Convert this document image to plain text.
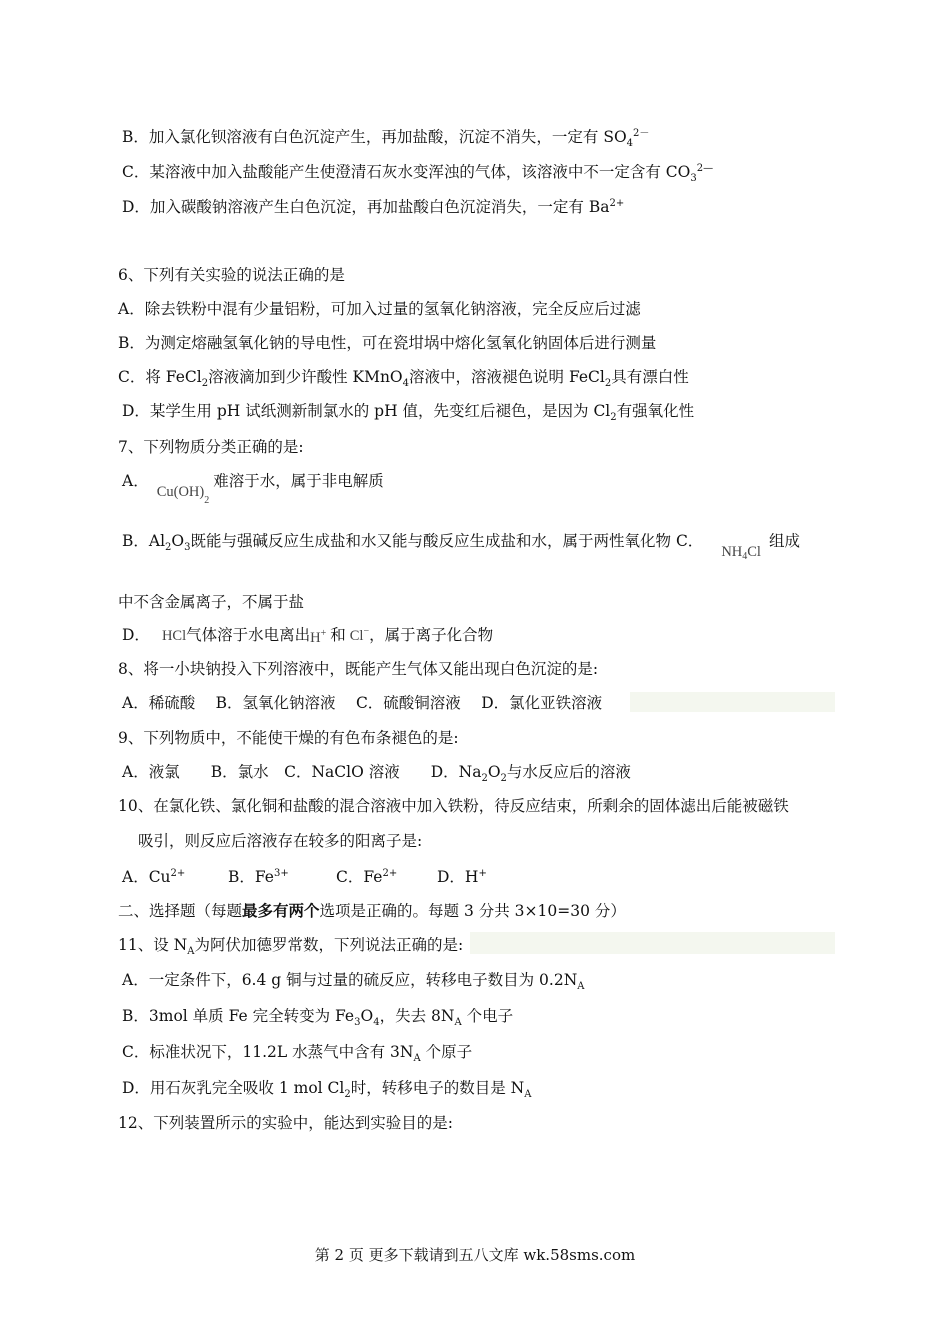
B．加入氯化钡溶液有白色沉淀产生，再加盐酸，沉淀不消失，一定有 $SO_4^{2-}$
C．某溶液中加入盐酸能产生使澄清石灰水变浑浊的气体，该溶液中不一定含有 $CO_3^{2—}$
D．加入碳酸钠溶液产生白色沉淀，再加盐酸白色沉淀消失，一定有 $Ba^{2+}$
6、下列有关实验的说法正确的是
A．除去铁粉中混有少量铝粉，可加入过量的氢氧化钠溶液，完全反应后过滤
B．为测定熔融氢氧化钠的导电性，可在瓷坩埚中熔化氢氧化钠固体后进行测量
C．将 FeCl$_2$溶液滴加到少许酸性 KMnO$_4$溶液中，溶液褪色说明 FeCl$_2$具有漂白性
D．某学生用 pH 试纸测新制氯水的 pH 值，先变红后褪色，是因为 $Cl_2$有强氧化性
7、下列物质分类正确的是:
A．$Cu(OH)_2$难溶于水，属于非电解质
B．$Al_2O_3$既能与强碱反应生成盐和水又能与酸反应生成盐和水，属于两性氧化物 C．$NH_4Cl$组成
中不含金属离子，不属于盐
D． HCl气体溶于水电离出H+ 和 Cl−，属于离子化合物
8、将一小块钠投入下列溶液中，既能产生气体又能出现白色沉淀的是:
A．稀硫酸　 B．氢氧化钠溶液　 C．硫酸铜溶液　 D．氯化亚铁溶液
9、下列物质中，不能使干燥的有色布条褪色的是:
A．液氯　　B．氯水　C．NaClO 溶液　　D．$Na_2O_2$与水反应后的溶液
10、在氯化铁、氯化铜和盐酸的混合溶液中加入铁粉，待反应结束，所剩余的固体滤出后能被磁铁
吸引，则反应后溶液存在较多的阳离子是:
A．$Cu^{2+}$	B．$Fe^{3+}$	C．$Fe^{2+}$	D．H+
二、选择题（每题最多有两个选项是正确的。每题 3 分共 3×10=30 分）
11、设 $N_A$为阿伏加德罗常数，下列说法正确的是:
A．一定条件下，6.4 g 铜与过量的硫反应，转移电子数目为 $0.2N_A$
B．3mol 单质 Fe 完全转变为 $Fe_3O_4$，失去 $8N_A$ 个电子
C．标准状况下，11.2L 水蒸气中含有 $3N_A$ 个原子
D．用石灰乳完全吸收 1 mol $Cl_2$时，转移电子的数目是 $N_A$
12、下列装置所示的实验中，能达到实验目的是:
第 2 页 更多下载请到五八文库 wk.58sms.com
